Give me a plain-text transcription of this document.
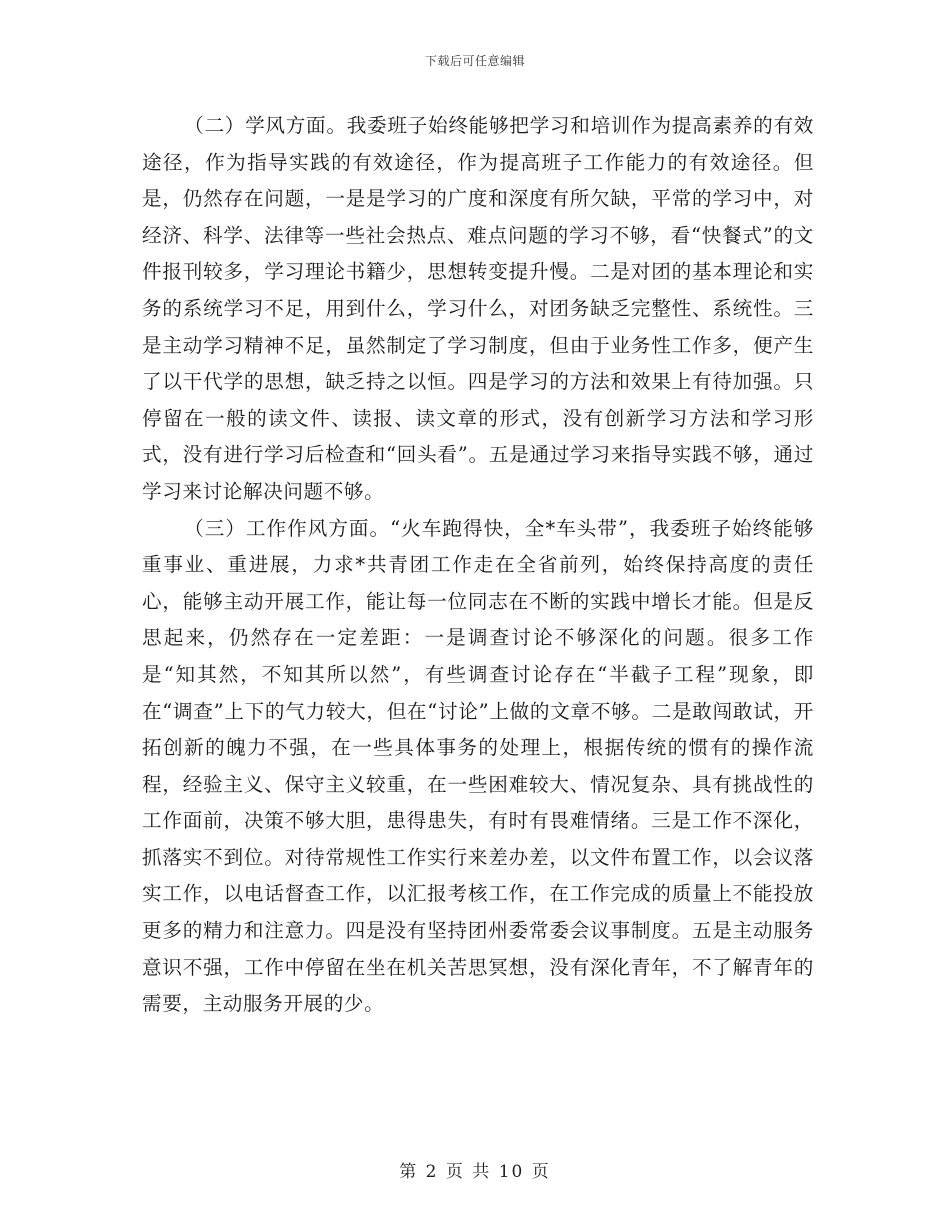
下载后可任意编辑

（二）学风方面。我委班子始终能够把学习和培训作为提高素养的有效途径，作为指导实践的有效途径，作为提高班子工作能力的有效途径。但是，仍然存在问题，一是是学习的广度和深度有所欠缺，平常的学习中，对经济、科学、法律等一些社会热点、难点问题的学习不够，看“快餐式”的文件报刊较多，学习理论书籍少，思想转变提升慢。二是对团的基本理论和实务的系统学习不足，用到什么，学习什么，对团务缺乏完整性、系统性。三是主动学习精神不足，虽然制定了学习制度，但由于业务性工作多，便产生了以干代学的思想，缺乏持之以恒。四是学习的方法和效果上有待加强。只停留在一般的读文件、读报、读文章的形式，没有创新学习方法和学习形式，没有进行学习后检查和“回头看”。五是通过学习来指导实践不够，通过学习来讨论解决问题不够。

（三）工作作风方面。“火车跑得快，全*车头带”，我委班子始终能够重事业、重进展，力求*共青团工作走在全省前列，始终保持高度的责任心，能够主动开展工作，能让每一位同志在不断的实践中增长才能。但是反思起来，仍然存在一定差距：一是调查讨论不够深化的问题。很多工作是“知其然，不知其所以然”，有些调查讨论存在“半截子工程”现象，即在“调查”上下的气力较大，但在“讨论”上做的文章不够。二是敢闯敢试，开拓创新的魄力不强，在一些具体事务的处理上，根据传统的惯有的操作流程，经验主义、保守主义较重，在一些困难较大、情况复杂、具有挑战性的工作面前，决策不够大胆，患得患失，有时有畏难情绪。三是工作不深化，抓落实不到位。对待常规性工作实行来差办差，以文件布置工作，以会议落实工作，以电话督查工作，以汇报考核工作，在工作完成的质量上不能投放更多的精力和注意力。四是没有坚持团州委常委会议事制度。五是主动服务意识不强，工作中停留在坐在机关苦思冥想，没有深化青年，不了解青年的需要，主动服务开展的少。

第 2 页 共 10 页
